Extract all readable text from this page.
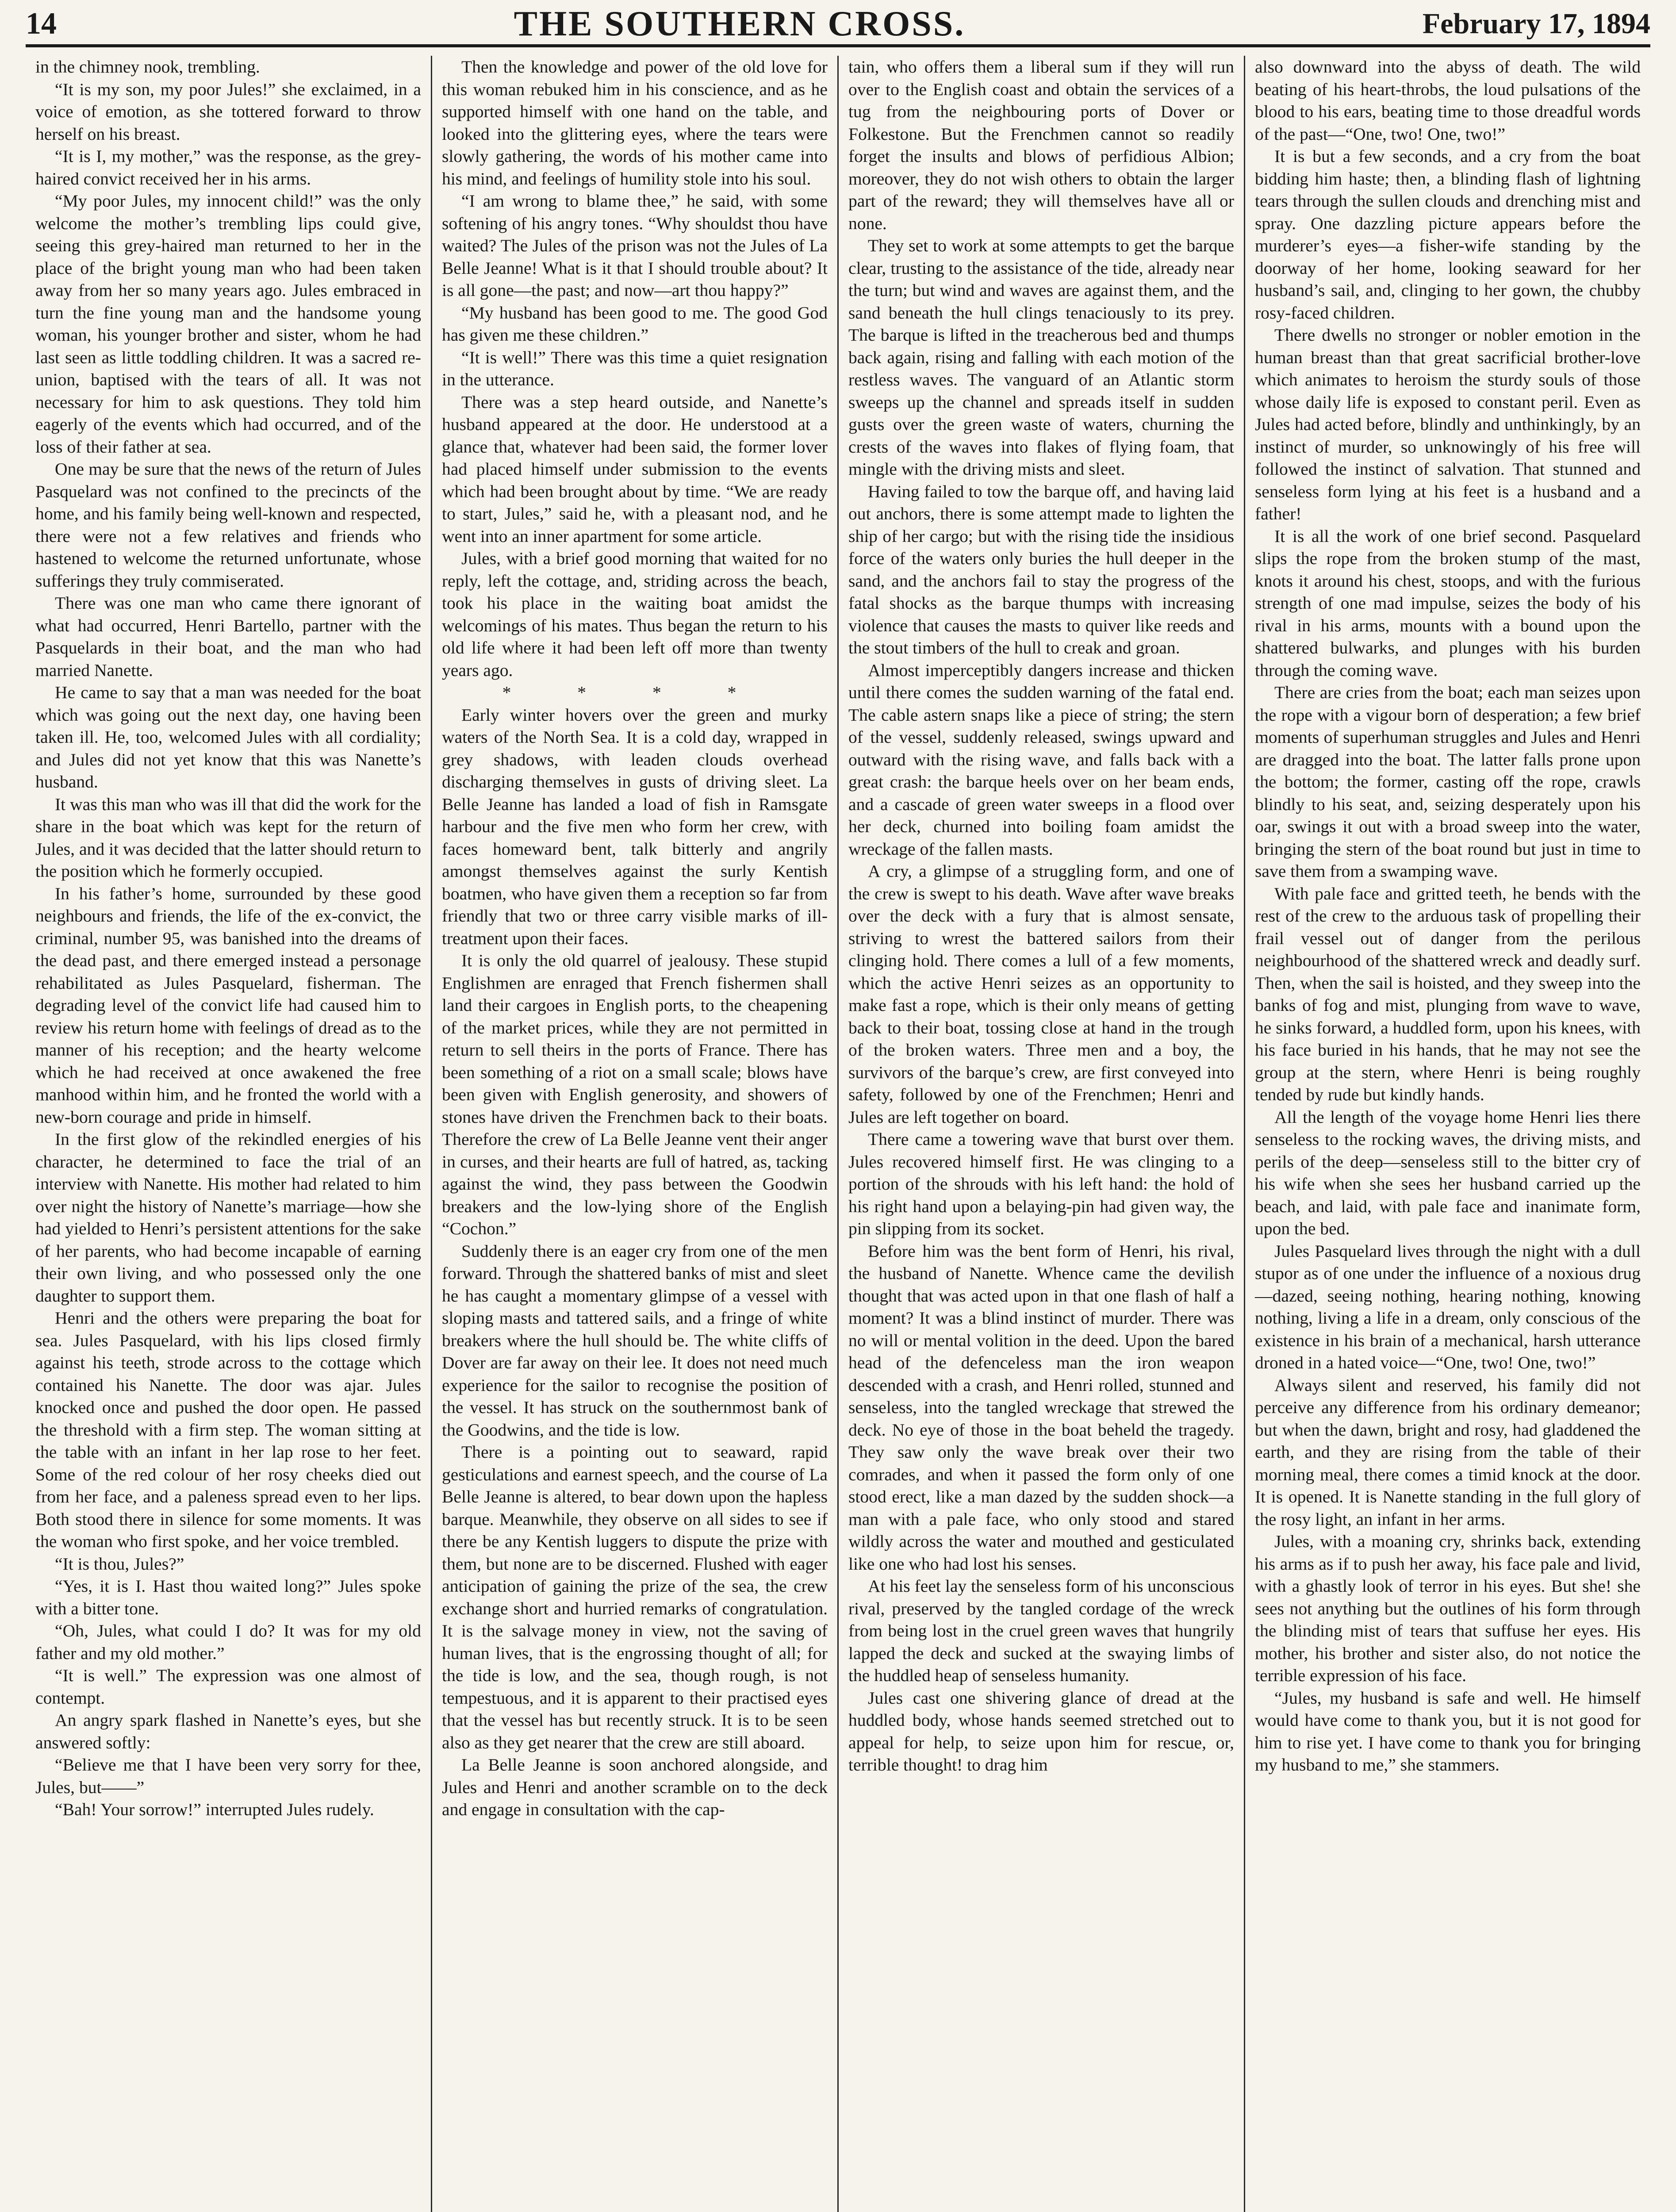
14	THE SOUTHERN CROSS.	February 17, 1894

in the chimney nook, trembling.

“It is my son, my poor Jules!” she exclaimed, in a voice of emotion, as she tottered forward to throw herself on his breast.

“It is I, my mother,” was the response, as the grey-haired convict received her in his arms.

“My poor Jules, my innocent child!” was the only welcome the mother’s trembling lips could give, seeing this grey-haired man returned to her in the place of the bright young man who had been taken away from her so many years ago. Jules embraced in turn the fine young man and the handsome young woman, his younger brother and sister, whom he had last seen as little toddling children. It was a sacred re-union, baptised with the tears of all. It was not necessary for him to ask questions. They told him eagerly of the events which had occurred, and of the loss of their father at sea.

One may be sure that the news of the return of Jules Pasquelard was not confined to the precincts of the home, and his family being well-known and respected, there were not a few relatives and friends who hastened to welcome the returned unfortunate, whose sufferings they truly commiserated.

There was one man who came there ignorant of what had occurred, Henri Bartello, partner with the Pasquelards in their boat, and the man who had married Nanette.

He came to say that a man was needed for the boat which was going out the next day, one having been taken ill. He, too, welcomed Jules with all cordiality; and Jules did not yet know that this was Nanette’s husband.

It was this man who was ill that did the work for the share in the boat which was kept for the return of Jules, and it was decided that the latter should return to the position which he formerly occupied.

In his father’s home, surrounded by these good neighbours and friends, the life of the ex-convict, the criminal, number 95, was banished into the dreams of the dead past, and there emerged instead a personage rehabilitated as Jules Pasquelard, fisherman. The degrading level of the convict life had caused him to review his return home with feelings of dread as to the manner of his reception; and the hearty welcome which he had received at once awakened the free manhood within him, and he fronted the world with a new-born courage and pride in himself.

In the first glow of the rekindled energies of his character, he determined to face the trial of an interview with Nanette. His mother had related to him over night the history of Nanette’s marriage—how she had yielded to Henri’s persistent attentions for the sake of her parents, who had become incapable of earning their own living, and who possessed only the one daughter to support them.

Henri and the others were preparing the boat for sea. Jules Pasquelard, with his lips closed firmly against his teeth, strode across to the cottage which contained his Nanette. The door was ajar. Jules knocked once and pushed the door open. He passed the threshold with a firm step. The woman sitting at the table with an infant in her lap rose to her feet. Some of the red colour of her rosy cheeks died out from her face, and a paleness spread even to her lips. Both stood there in silence for some moments. It was the woman who first spoke, and her voice trembled.

“It is thou, Jules?”

“Yes, it is I. Hast thou waited long?” Jules spoke with a bitter tone.

“Oh, Jules, what could I do? It was for my old father and my old mother.”

“It is well.” The expression was one almost of contempt.

An angry spark flashed in Nanette’s eyes, but she answered softly:

“Believe me that I have been very sorry for thee, Jules, but——”

“Bah! Your sorrow!” interrupted Jules rudely.

Then the knowledge and power of the old love for this woman rebuked him in his conscience, and as he supported himself with one hand on the table, and looked into the glittering eyes, where the tears were slowly gathering, the words of his mother came into his mind, and feelings of humility stole into his soul.

“I am wrong to blame thee,” he said, with some softening of his angry tones. “Why shouldst thou have waited? The Jules of the prison was not the Jules of La Belle Jeanne! What is it that I should trouble about? It is all gone—the past; and now—art thou happy?”

“My husband has been good to me. The good God has given me these children.”

“It is well!” There was this time a quiet resignation in the utterance.

There was a step heard outside, and Nanette’s husband appeared at the door. He understood at a glance that, whatever had been said, the former lover had placed himself under submission to the events which had been brought about by time. “We are ready to start, Jules,” said he, with a pleasant nod, and he went into an inner apartment for some article.

Jules, with a brief good morning that waited for no reply, left the cottage, and, striding across the beach, took his place in the waiting boat amidst the welcomings of his mates. Thus began the return to his old life where it had been left off more than twenty years ago.

* * * *

Early winter hovers over the green and murky waters of the North Sea. It is a cold day, wrapped in grey shadows, with leaden clouds overhead discharging themselves in gusts of driving sleet. La Belle Jeanne has landed a load of fish in Ramsgate harbour and the five men who form her crew, with faces homeward bent, talk bitterly and angrily amongst themselves against the surly Kentish boatmen, who have given them a reception so far from friendly that two or three carry visible marks of ill-treatment upon their faces.

It is only the old quarrel of jealousy. These stupid Englishmen are enraged that French fishermen shall land their cargoes in English ports, to the cheapening of the market prices, while they are not permitted in return to sell theirs in the ports of France. There has been something of a riot on a small scale; blows have been given with English generosity, and showers of stones have driven the Frenchmen back to their boats. Therefore the crew of La Belle Jeanne vent their anger in curses, and their hearts are full of hatred, as, tacking against the wind, they pass between the Goodwin breakers and the low-lying shore of the English “Cochon.”

Suddenly there is an eager cry from one of the men forward. Through the shattered banks of mist and sleet he has caught a momentary glimpse of a vessel with sloping masts and tattered sails, and a fringe of white breakers where the hull should be. The white cliffs of Dover are far away on their lee. It does not need much experience for the sailor to recognise the position of the vessel. It has struck on the southernmost bank of the Goodwins, and the tide is low.

There is a pointing out to seaward, rapid gesticulations and earnest speech, and the course of La Belle Jeanne is altered, to bear down upon the hapless barque. Meanwhile, they observe on all sides to see if there be any Kentish luggers to dispute the prize with them, but none are to be discerned. Flushed with eager anticipation of gaining the prize of the sea, the crew exchange short and hurried remarks of congratulation. It is the salvage money in view, not the saving of human lives, that is the engrossing thought of all; for the tide is low, and the sea, though rough, is not tempestuous, and it is apparent to their practised eyes that the vessel has but recently struck. It is to be seen also as they get nearer that the crew are still aboard.

La Belle Jeanne is soon anchored alongside, and Jules and Henri and another scramble on to the deck and engage in consultation with the cap-

tain, who offers them a liberal sum if they will run over to the English coast and obtain the services of a tug from the neighbouring ports of Dover or Folkestone. But the Frenchmen cannot so readily forget the insults and blows of perfidious Albion; moreover, they do not wish others to obtain the larger part of the reward; they will themselves have all or none.

They set to work at some attempts to get the barque clear, trusting to the assistance of the tide, already near the turn; but wind and waves are against them, and the sand beneath the hull clings tenaciously to its prey. The barque is lifted in the treacherous bed and thumps back again, rising and falling with each motion of the restless waves. The vanguard of an Atlantic storm sweeps up the channel and spreads itself in sudden gusts over the green waste of waters, churning the crests of the waves into flakes of flying foam, that mingle with the driving mists and sleet.

Having failed to tow the barque off, and having laid out anchors, there is some attempt made to lighten the ship of her cargo; but with the rising tide the insidious force of the waters only buries the hull deeper in the sand, and the anchors fail to stay the progress of the fatal shocks as the barque thumps with increasing violence that causes the masts to quiver like reeds and the stout timbers of the hull to creak and groan.

Almost imperceptibly dangers increase and thicken until there comes the sudden warning of the fatal end. The cable astern snaps like a piece of string; the stern of the vessel, suddenly released, swings upward and outward with the rising wave, and falls back with a great crash: the barque heels over on her beam ends, and a cascade of green water sweeps in a flood over her deck, churned into boiling foam amidst the wreckage of the fallen masts.

A cry, a glimpse of a struggling form, and one of the crew is swept to his death. Wave after wave breaks over the deck with a fury that is almost sensate, striving to wrest the battered sailors from their clinging hold. There comes a lull of a few moments, which the active Henri seizes as an opportunity to make fast a rope, which is their only means of getting back to their boat, tossing close at hand in the trough of the broken waters. Three men and a boy, the survivors of the barque’s crew, are first conveyed into safety, followed by one of the Frenchmen; Henri and Jules are left together on board.

There came a towering wave that burst over them. Jules recovered himself first. He was clinging to a portion of the shrouds with his left hand: the hold of his right hand upon a belaying-pin had given way, the pin slipping from its socket.

Before him was the bent form of Henri, his rival, the husband of Nanette. Whence came the devilish thought that was acted upon in that one flash of half a moment? It was a blind instinct of murder. There was no will or mental volition in the deed. Upon the bared head of the defenceless man the iron weapon descended with a crash, and Henri rolled, stunned and senseless, into the tangled wreckage that strewed the deck. No eye of those in the boat beheld the tragedy. They saw only the wave break over their two comrades, and when it passed the form only of one stood erect, like a man dazed by the sudden shock—a man with a pale face, who only stood and stared wildly across the water and mouthed and gesticulated like one who had lost his senses.

At his feet lay the senseless form of his unconscious rival, preserved by the tangled cordage of the wreck from being lost in the cruel green waves that hungrily lapped the deck and sucked at the swaying limbs of the huddled heap of senseless humanity.

Jules cast one shivering glance of dread at the huddled body, whose hands seemed stretched out to appeal for help, to seize upon him for rescue, or, terrible thought! to drag him

also downward into the abyss of death. The wild beating of his heart-throbs, the loud pulsations of the blood to his ears, beating time to those dreadful words of the past—“One, two! One, two!”

It is but a few seconds, and a cry from the boat bidding him haste; then, a blinding flash of lightning tears through the sullen clouds and drenching mist and spray. One dazzling picture appears before the murderer’s eyes—a fisher-wife standing by the doorway of her home, looking seaward for her husband’s sail, and, clinging to her gown, the chubby rosy-faced children.

There dwells no stronger or nobler emotion in the human breast than that great sacrificial brother-love which animates to heroism the sturdy souls of those whose daily life is exposed to constant peril. Even as Jules had acted before, blindly and unthinkingly, by an instinct of murder, so unknowingly of his free will followed the instinct of salvation. That stunned and senseless form lying at his feet is a husband and a father!

It is all the work of one brief second. Pasquelard slips the rope from the broken stump of the mast, knots it around his chest, stoops, and with the furious strength of one mad impulse, seizes the body of his rival in his arms, mounts with a bound upon the shattered bulwarks, and plunges with his burden through the coming wave.

There are cries from the boat; each man seizes upon the rope with a vigour born of desperation; a few brief moments of superhuman struggles and Jules and Henri are dragged into the boat. The latter falls prone upon the bottom; the former, casting off the rope, crawls blindly to his seat, and, seizing desperately upon his oar, swings it out with a broad sweep into the water, bringing the stern of the boat round but just in time to save them from a swamping wave.

With pale face and gritted teeth, he bends with the rest of the crew to the arduous task of propelling their frail vessel out of danger from the perilous neighbourhood of the shattered wreck and deadly surf. Then, when the sail is hoisted, and they sweep into the banks of fog and mist, plunging from wave to wave, he sinks forward, a huddled form, upon his knees, with his face buried in his hands, that he may not see the group at the stern, where Henri is being roughly tended by rude but kindly hands.

All the length of the voyage home Henri lies there senseless to the rocking waves, the driving mists, and perils of the deep—senseless still to the bitter cry of his wife when she sees her husband carried up the beach, and laid, with pale face and inanimate form, upon the bed.

Jules Pasquelard lives through the night with a dull stupor as of one under the influence of a noxious drug—dazed, seeing nothing, hearing nothing, knowing nothing, living a life in a dream, only conscious of the existence in his brain of a mechanical, harsh utterance droned in a hated voice—“One, two! One, two!”

Always silent and reserved, his family did not perceive any difference from his ordinary demeanor; but when the dawn, bright and rosy, had gladdened the earth, and they are rising from the table of their morning meal, there comes a timid knock at the door. It is opened. It is Nanette standing in the full glory of the rosy light, an infant in her arms.

Jules, with a moaning cry, shrinks back, extending his arms as if to push her away, his face pale and livid, with a ghastly look of terror in his eyes. But she! she sees not anything but the outlines of his form through the blinding mist of tears that suffuse her eyes. His mother, his brother and sister also, do not notice the terrible expression of his face.

“Jules, my husband is safe and well. He himself would have come to thank you, but it is not good for him to rise yet. I have come to thank you for bringing my husband to me,” she stammers.
